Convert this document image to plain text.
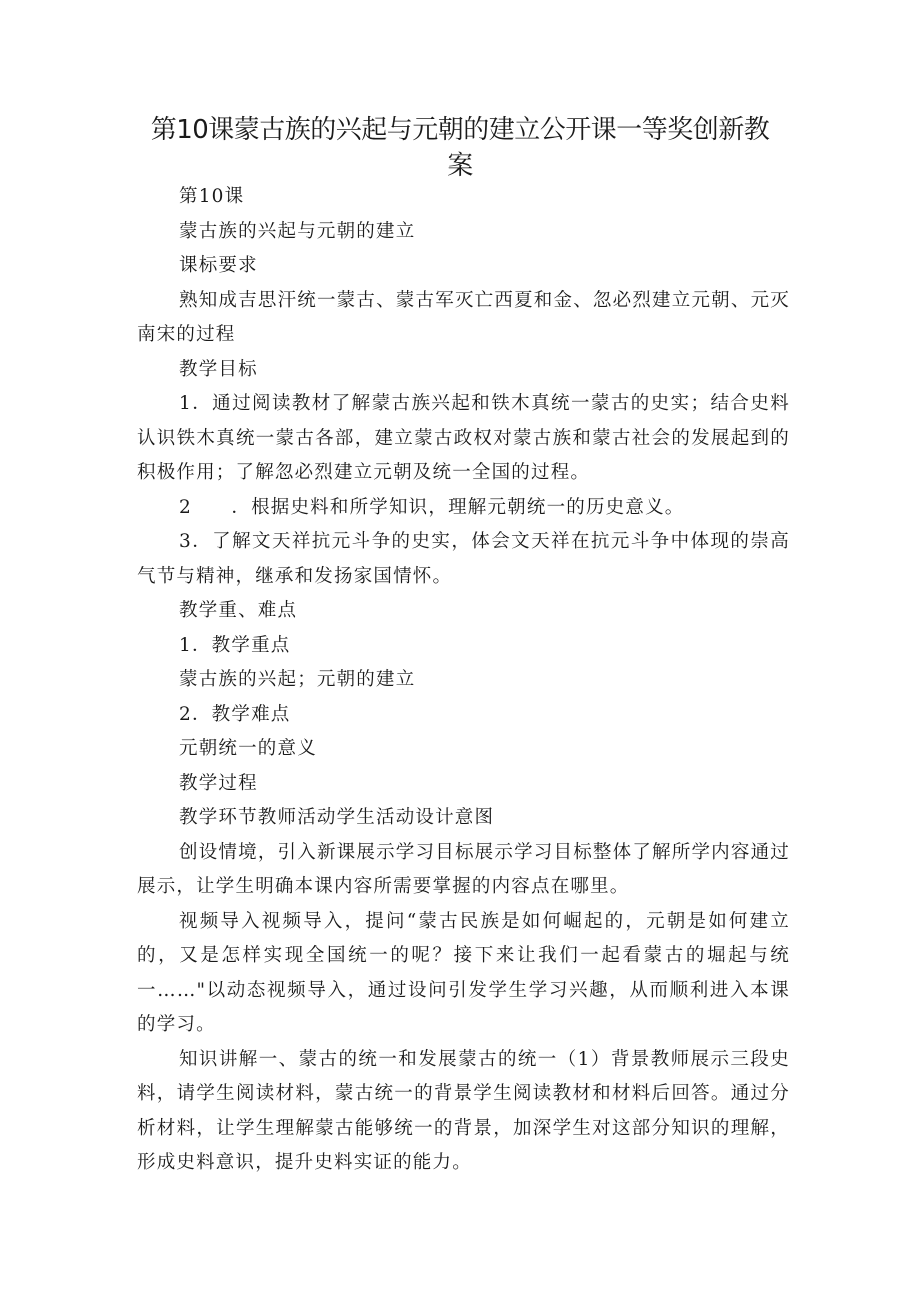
第10课蒙古族的兴起与元朝的建立公开课一等奖创新教案

第10课

蒙古族的兴起与元朝的建立

课标要求

熟知成吉思汗统一蒙古、蒙古军灭亡西夏和金、忽必烈建立元朝、元灭南宋的过程

教学目标

1．通过阅读教材了解蒙古族兴起和铁木真统一蒙古的史实；结合史料认识铁木真统一蒙古各部，建立蒙古政权对蒙古族和蒙古社会的发展起到的积极作用；了解忽必烈建立元朝及统一全国的过程。

2　　．根据史料和所学知识，理解元朝统一的历史意义。

3．了解文天祥抗元斗争的史实，体会文天祥在抗元斗争中体现的崇高气节与精神，继承和发扬家国情怀。

教学重、难点

1．教学重点

蒙古族的兴起；元朝的建立

2．教学难点

元朝统一的意义

教学过程

教学环节教师活动学生活动设计意图

创设情境，引入新课展示学习目标展示学习目标整体了解所学内容通过展示，让学生明确本课内容所需要掌握的内容点在哪里。

视频导入视频导入，提问“蒙古民族是如何崛起的，元朝是如何建立的，又是怎样实现全国统一的呢？接下来让我们一起看蒙古的堀起与统一……"以动态视频导入，通过设问引发学生学习兴趣，从而顺利进入本课的学习。

知识讲解一、蒙古的统一和发展蒙古的统一（1）背景教师展示三段史料，请学生阅读材料，蒙古统一的背景学生阅读教材和材料后回答。通过分析材料，让学生理解蒙古能够统一的背景，加深学生对这部分知识的理解，形成史料意识，提升史料实证的能力。
